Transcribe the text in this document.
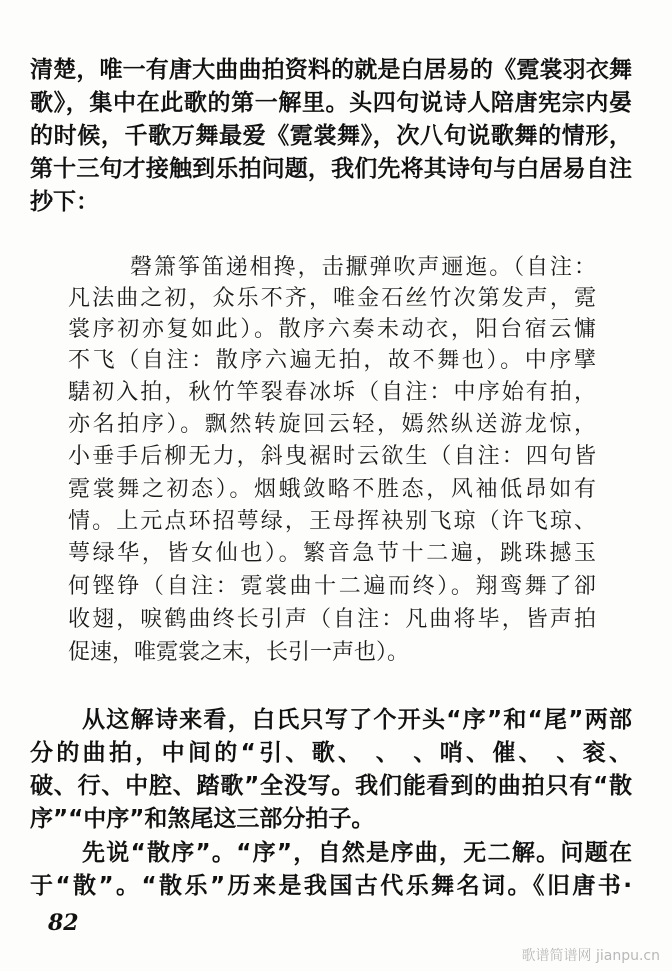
清楚，唯一有唐大曲曲拍资料的就是白居易的《霓裳羽衣舞
歌》，集中在此歌的第一解里。头四句说诗人陪唐宪宗内晏
的时候，千歌万舞最爱《霓裳舞》，次八句说歌舞的情形，
第十三句才接触到乐拍问题，我们先将其诗句与白居易自注
抄下：
磬箫筝笛递相搀，击擫弹吹声逦迤。（自注：
凡法曲之初，众乐不齐，唯金石丝竹次第发声，霓
裳序初亦复如此）。散序六奏未动衣，阳台宿云慵
不飞（自注：散序六遍无拍，故不舞也）。中序擘
騞初入拍，秋竹竿裂春冰坼（自注：中序始有拍，
亦名拍序）。飘然转旋回云轻，嫣然纵送游龙惊，
小垂手后柳无力，斜曳裾时云欲生（自注：四句皆
霓裳舞之初态）。烟蛾敛略不胜态，风袖低昂如有
情。上元点环招萼绿，王母挥袂别飞琼（许飞琼、
萼绿华，皆女仙也）。繁音急节十二遍，跳珠撼玉
何铿铮（自注：霓裳曲十二遍而终）。翔鸾舞了卻
收翅，唳鹤曲终长引声（自注：凡曲将毕，皆声拍
促速，唯霓裳之末，长引一声也）。
从这解诗来看，白氏只写了个开头“序”和“尾”两部
分的曲拍，中间的“引、歌、 、 、哨、催、 、衮、
破、行、中腔、踏歌”全没写。我们能看到的曲拍只有“散
序”“中序”和煞尾这三部分拍子。
先说“散序”。“序”，自然是序曲，无二解。问题在
于“散”。“散乐”历来是我国古代乐舞名词。《旧唐书·
82
歌谱简谱网 jianpu.cn
